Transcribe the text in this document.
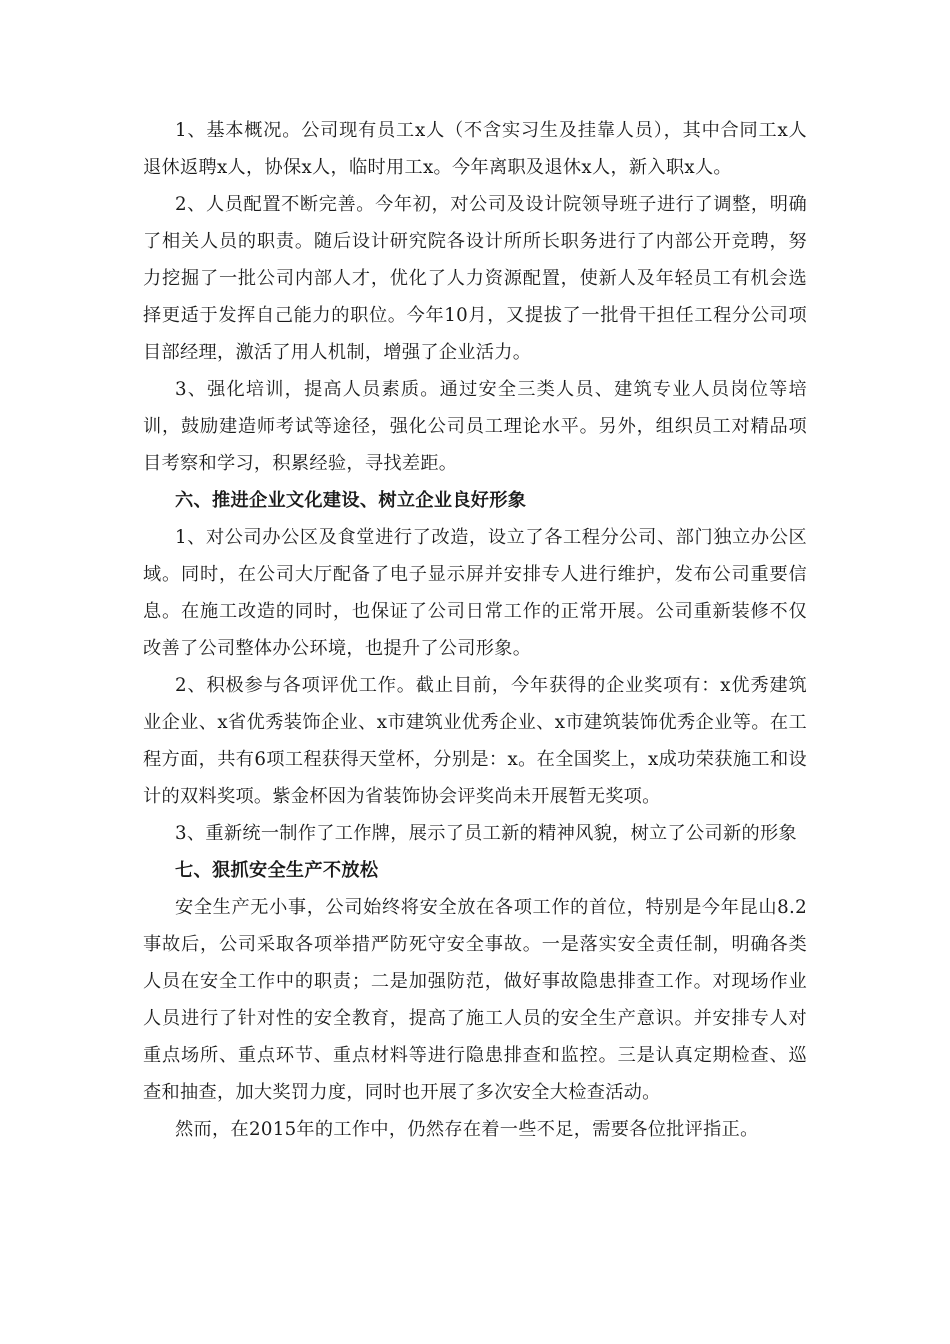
1、基本概况。公司现有员工x人（不含实习生及挂靠人员），其中合同工x人退休返聘x人，协保x人，临时用工x。今年离职及退休x人，新入职x人。

2、人员配置不断完善。今年初，对公司及设计院领导班子进行了调整，明确了相关人员的职责。随后设计研究院各设计所所长职务进行了内部公开竞聘，努力挖掘了一批公司内部人才，优化了人力资源配置，使新人及年轻员工有机会选择更适于发挥自己能力的职位。今年10月，又提拔了一批骨干担任工程分公司项目部经理，激活了用人机制，增强了企业活力。

3、强化培训，提高人员素质。通过安全三类人员、建筑专业人员岗位等培训，鼓励建造师考试等途径，强化公司员工理论水平。另外，组织员工对精品项目考察和学习，积累经验，寻找差距。

六、推进企业文化建设、树立企业良好形象

1、对公司办公区及食堂进行了改造，设立了各工程分公司、部门独立办公区域。同时，在公司大厅配备了电子显示屏并安排专人进行维护，发布公司重要信息。在施工改造的同时，也保证了公司日常工作的正常开展。公司重新装修不仅改善了公司整体办公环境，也提升了公司形象。

2、积极参与各项评优工作。截止目前，今年获得的企业奖项有：x优秀建筑业企业、x省优秀装饰企业、x市建筑业优秀企业、x市建筑装饰优秀企业等。在工程方面，共有6项工程获得天堂杯，分别是：x。在全国奖上，x成功荣获施工和设计的双料奖项。紫金杯因为省装饰协会评奖尚未开展暂无奖项。

3、重新统一制作了工作牌，展示了员工新的精神风貌，树立了公司新的形象

七、狠抓安全生产不放松

安全生产无小事，公司始终将安全放在各项工作的首位，特别是今年昆山8.2事故后，公司采取各项举措严防死守安全事故。一是落实安全责任制，明确各类人员在安全工作中的职责；二是加强防范，做好事故隐患排查工作。对现场作业人员进行了针对性的安全教育，提高了施工人员的安全生产意识。并安排专人对重点场所、重点环节、重点材料等进行隐患排查和监控。三是认真定期检查、巡查和抽查，加大奖罚力度，同时也开展了多次安全大检查活动。

然而，在2015年的工作中，仍然存在着一些不足，需要各位批评指正。
